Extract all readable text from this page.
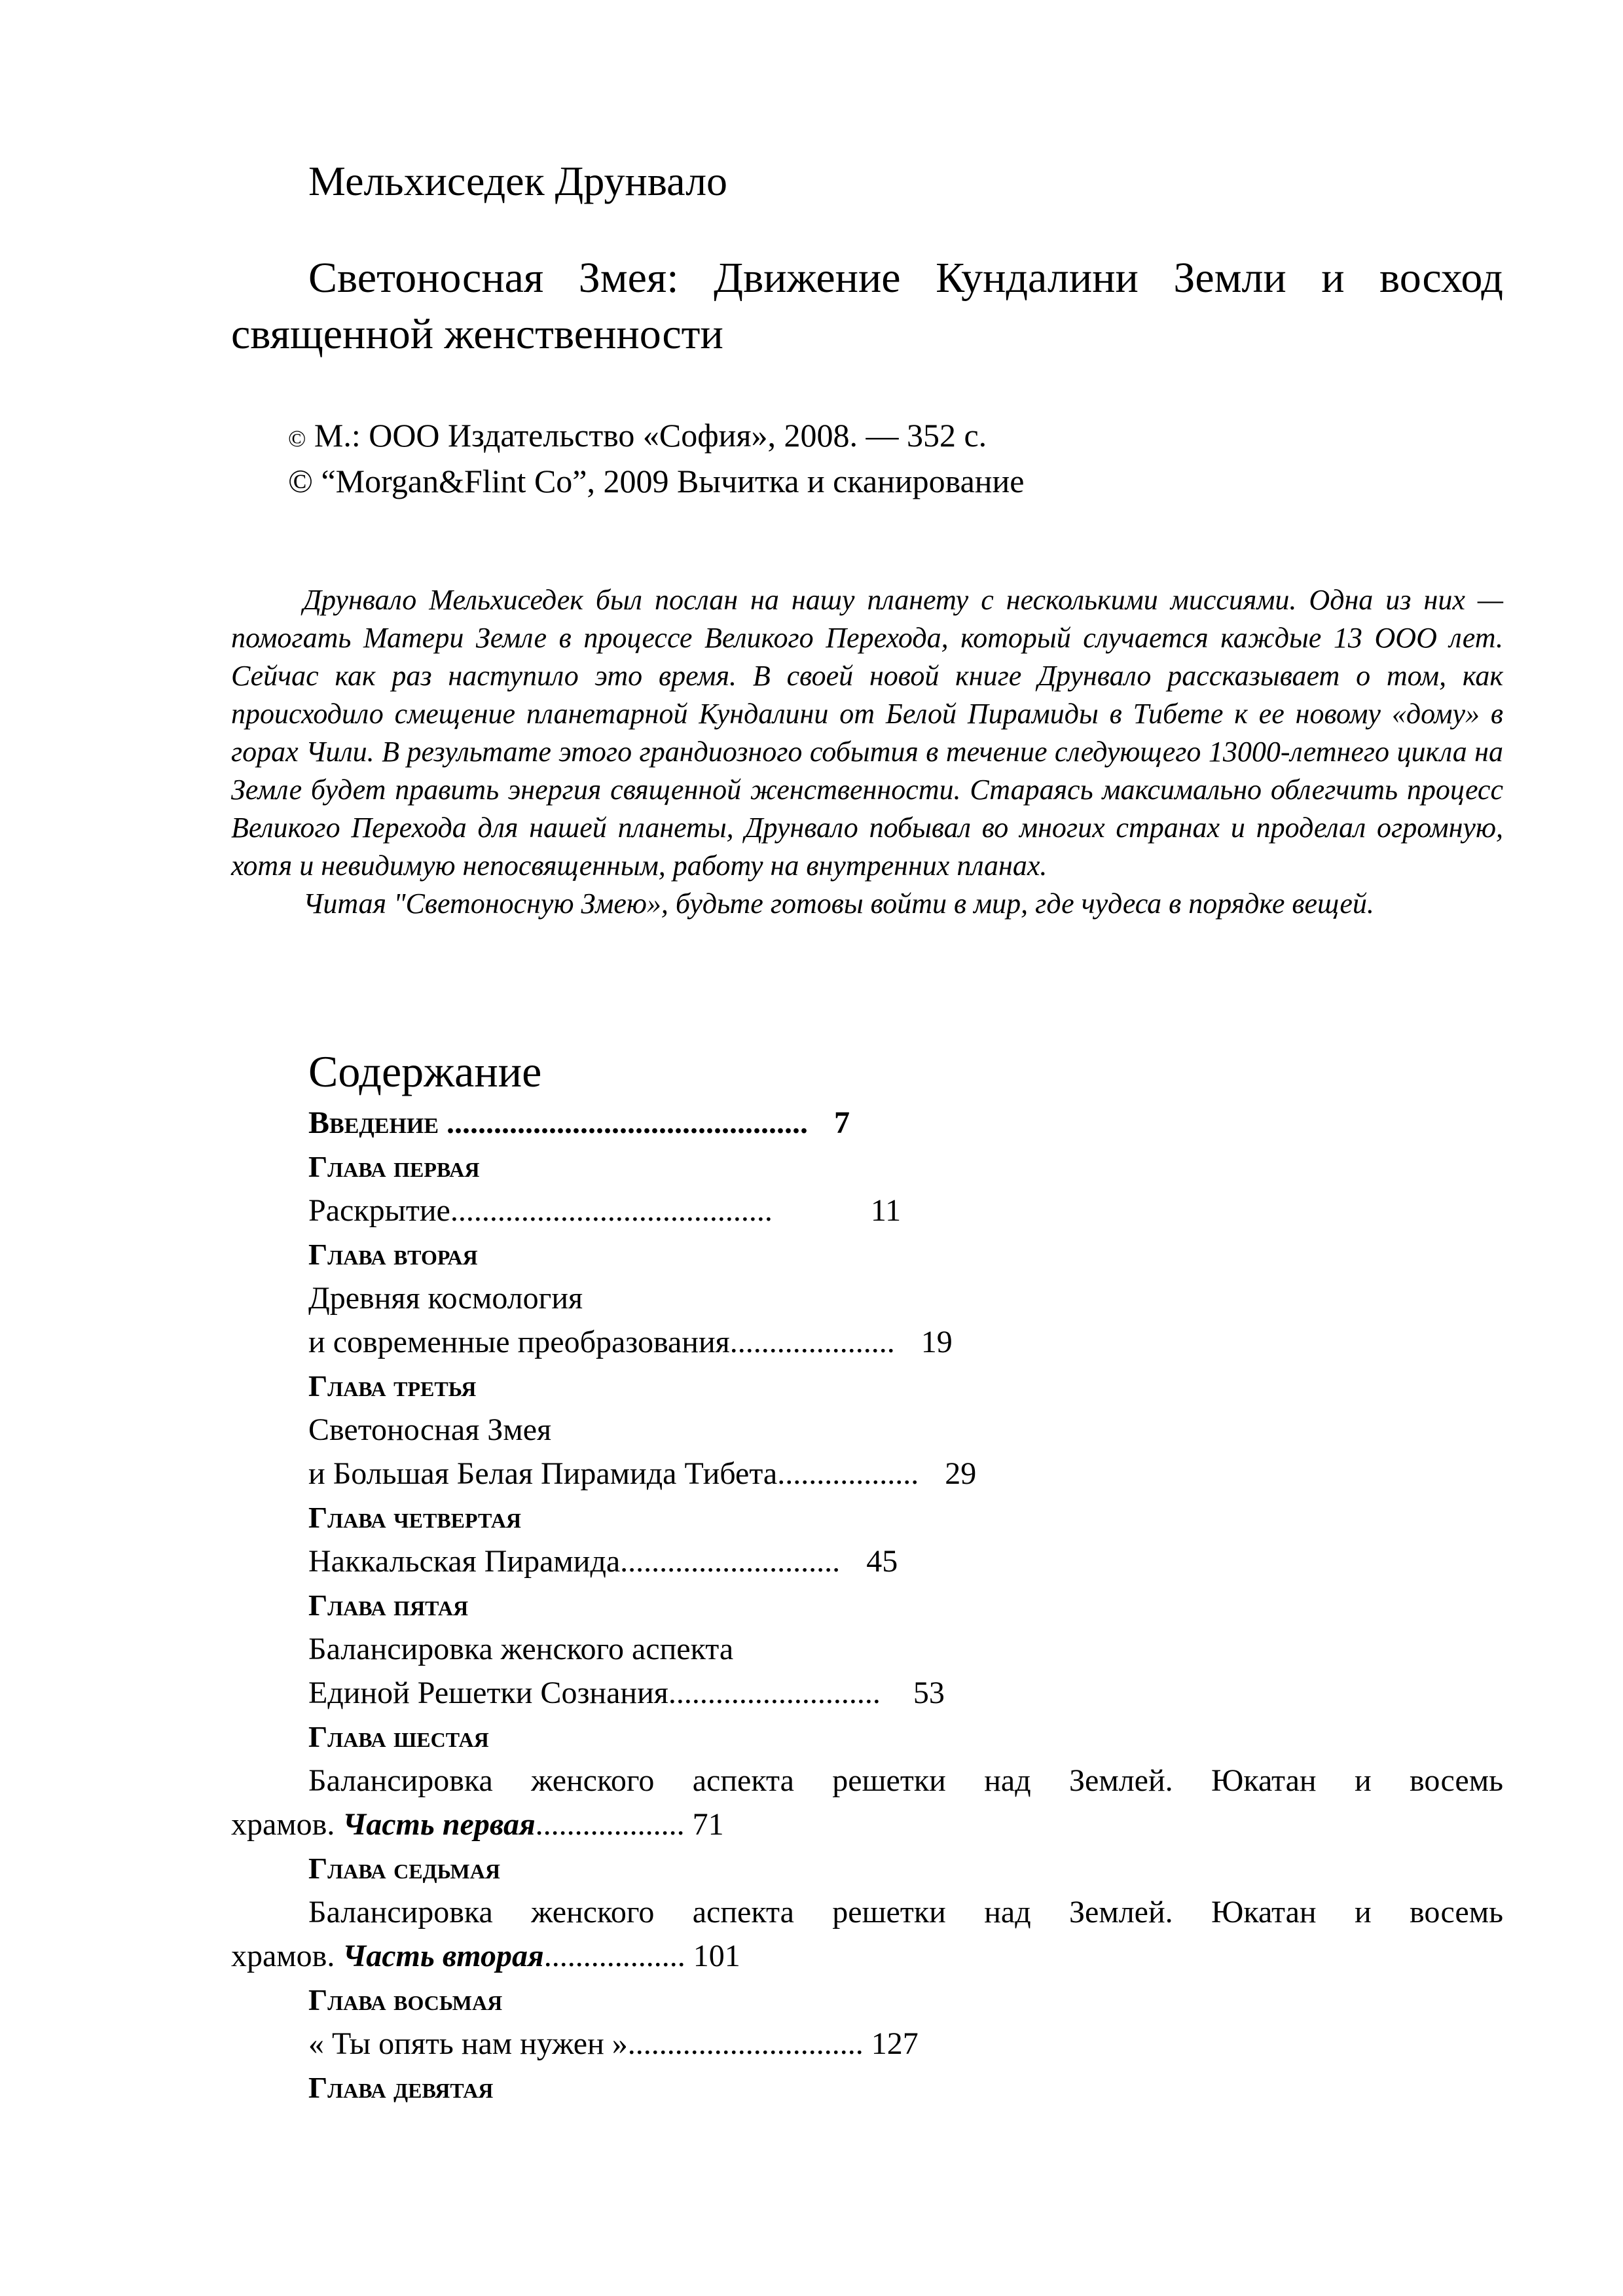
Мельхиседек Друнвало
Светоносная Змея: Движение Кундалини Земли и восход священной женственности
© М.: ООО Издательство «София», 2008. — 352 с.
© “Morgan&Flint Co”, 2009 Вычитка и сканирование

Друнвало Мельхиседек был послан на нашу планету с несколькими миссиями. Одна из них — помогать Матери Земле в процессе Великого Перехода, который случается каждые 13 ООО лет. Сейчас как раз наступило это время. В своей новой книге Друнвало рассказывает о том, как происходило смещение планетарной Кундалини от Белой Пирамиды в Тибете к ее новому «дому» в горах Чили. В результате этого грандиозного события в течение следующего 13000-летнего цикла на Земле будет править энергия священной женственности. Стараясь максимально облегчить процесс Великого Перехода для нашей планеты, Друнвало побывал во многих странах и проделал огромную, хотя и невидимую непосвященным, работу на внутренних планах.

Читая "Светоносную Змею», будьте готовы войти в мир, где чудеса в порядке вещей.

Содержание
Введение .............................................. 7
Глава первая
Раскрытие.........................................	11
Глава вторая
Древняя космология
и современные преобразования..................... 19
Глава третья
Светоносная Змея
и Большая Белая Пирамида Тибета.................. 29
Глава четвертая
Наккальская Пирамида............................ 45
Глава пятая
Балансировка женского аспекта
Единой Решетки Сознания........................... 53
Глава шестая
Балансировка женского аспекта решетки над Землей. Юкатан и восемь
храмов. Часть первая................... 71
Глава седьмая
Балансировка женского аспекта решетки над Землей. Юкатан и восемь
храмов. Часть вторая.................. 101
Глава восьмая
« Ты опять нам нужен ».............................. 127
Глава девятая
